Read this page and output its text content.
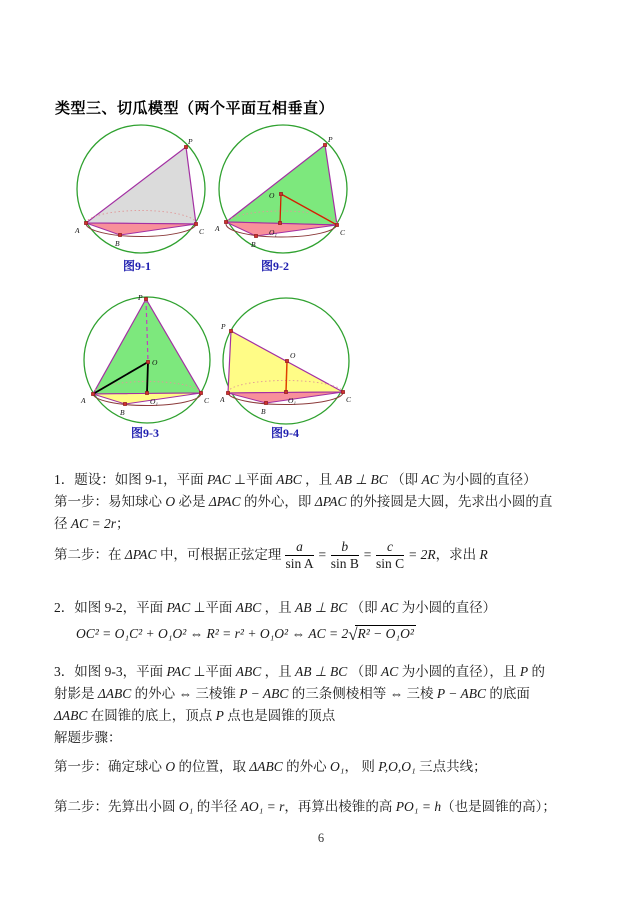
类型三、切瓜模型（两个平面互相垂直）
P
A
B
C
图9-1
P
A
B
C
O
O₁
图9-2
P
A
B
C
O
O₁
图9-3
P
A
B
C
O
O₁
图9-4

1．题设：如图 9-1，平面 PAC ⊥平面 ABC ，且 AB ⊥ BC （即 AC 为小圆的直径）

第一步：易知球心 O 必是 ΔPAC 的外心，即 ΔPAC 的外接圆是大圆，先求出小圆的直

径 AC = 2r；

第二步：在 ΔPAC 中，可根据正弦定理 $\frac{a}{\text{sin A}} = \frac{b}{\text{sin B}} = \frac{c}{\text{sin C}} = 2R$，求出 R

2．如图 9-2，平面 PAC ⊥平面 ABC ，且 AB ⊥ BC （即 AC 为小圆的直径）

OC² = O₁C² + O₁O² ⇔ R² = r² + O₁O² ⇔ AC = 2√R² − O₁O²

3．如图 9-3，平面 PAC ⊥平面 ABC ，且 AB ⊥ BC （即 AC 为小圆的直径），且 P 的

射影是 ΔABC 的外心 ⇔ 三棱锥 P − ABC 的三条侧棱相等 ⇔ 三棱 P − ABC 的底面

ΔABC 在圆锥的底上，顶点 P 点也是圆锥的顶点

解题步骤：

第一步：确定球心 O 的位置，取 ΔABC 的外心 O₁， 则 P,O,O₁ 三点共线；

第二步：先算出小圆 O₁ 的半径 AO₁ = r，再算出棱锥的高 PO₁ = h（也是圆锥的高）；

6
